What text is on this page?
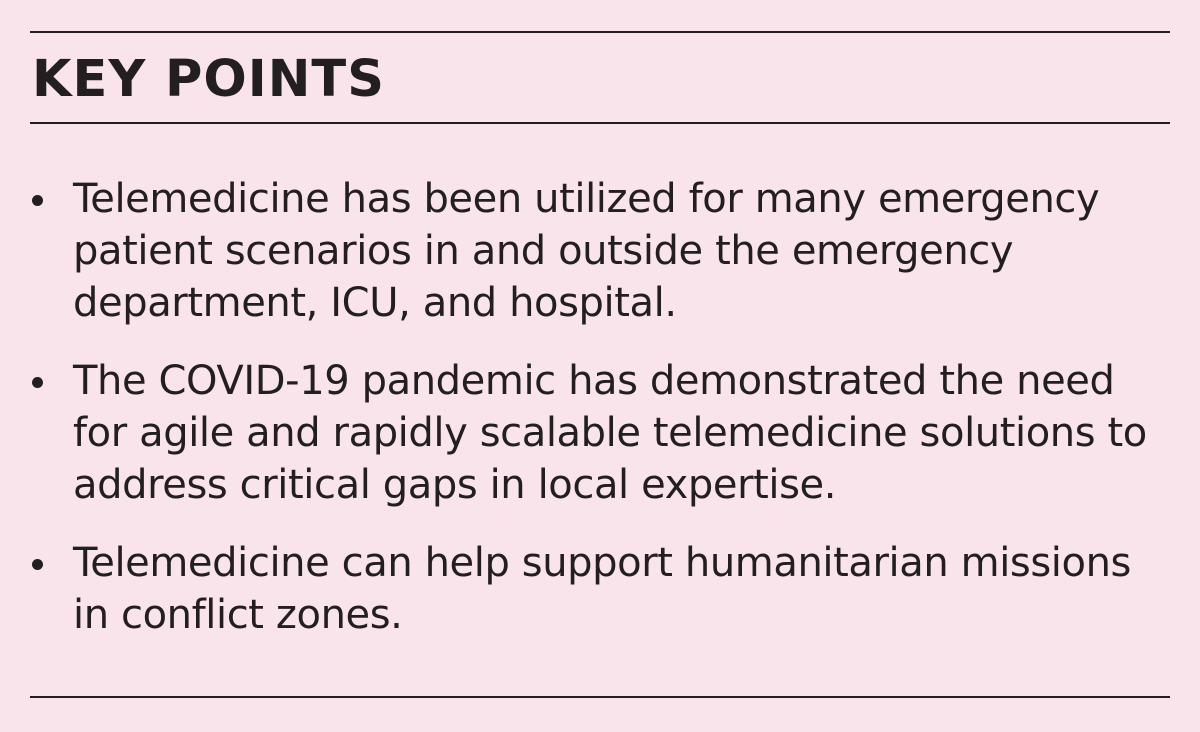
KEY POINTS
Telemedicine has been utilized for many emergency patient scenarios in and outside the emergency department, ICU, and hospital.
The COVID-19 pandemic has demonstrated the need for agile and rapidly scalable telemedicine solutions to address critical gaps in local expertise.
Telemedicine can help support humanitarian missions in conflict zones.
